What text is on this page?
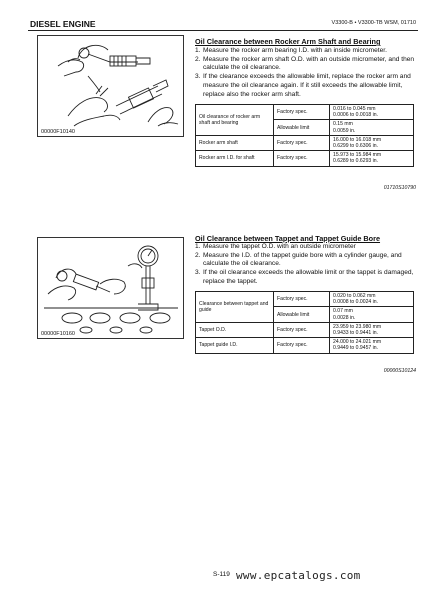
DIESEL ENGINE	V3300-B • V3300-TB WSM, 01710
00000F10140
00000F10160
Oil Clearance between Rocker Arm Shaft and Bearing
1. Measure the rocker arm bearing I.D. with an inside micrometer.
2. Measure the rocker arm shaft O.D. with an outside micrometer, and then calculate the oil clearance.
3. If the clearance exceeds the allowable limit, replace the rocker arm and measure the oil clearance again. If it still exceeds the allowable limit, replace also the rocker arm shaft.
Oil clearance of rocker arm shaft and bearing	Factory spec.	0.016 to 0.045 mm
0.0006 to 0.0018 in.
	Allowable limit	0.15 mm
0.0059 in.
Rocker arm shaft	Factory spec.	16.000 to 16.018 mm
0.6299 to 0.6306 in.
Rocker arm I.D. for shaft	Factory spec.	15.973 to 15.984 mm
0.6289 to 0.6293 in.
01710S10790
Oil Clearance between Tappet and Tappet Guide Bore
1. Measure the tappet O.D. with an outside micrometer
2. Measure the I.D. of the tappet guide bore with a cylinder gauge, and calculate the oil clearance.
3. If the oil clearance exceeds the allowable limit or the tappet is damaged, replace the tappet.
Clearance between tappet and guide	Factory spec.	0.020 to 0.062 mm
0.0008 to 0.0024 in.
	Allowable limit	0.07 mm
0.0028 in.
Tappet O.D.	Factory spec.	23.959 to 23.980 mm
0.9433 to 0.9441 in.
Tappet guide I.D.	Factory spec.	24.000 to 24.021 mm
0.9449 to 0.9457 in.
00000S10124
S-119 www.epcatalogs.com
